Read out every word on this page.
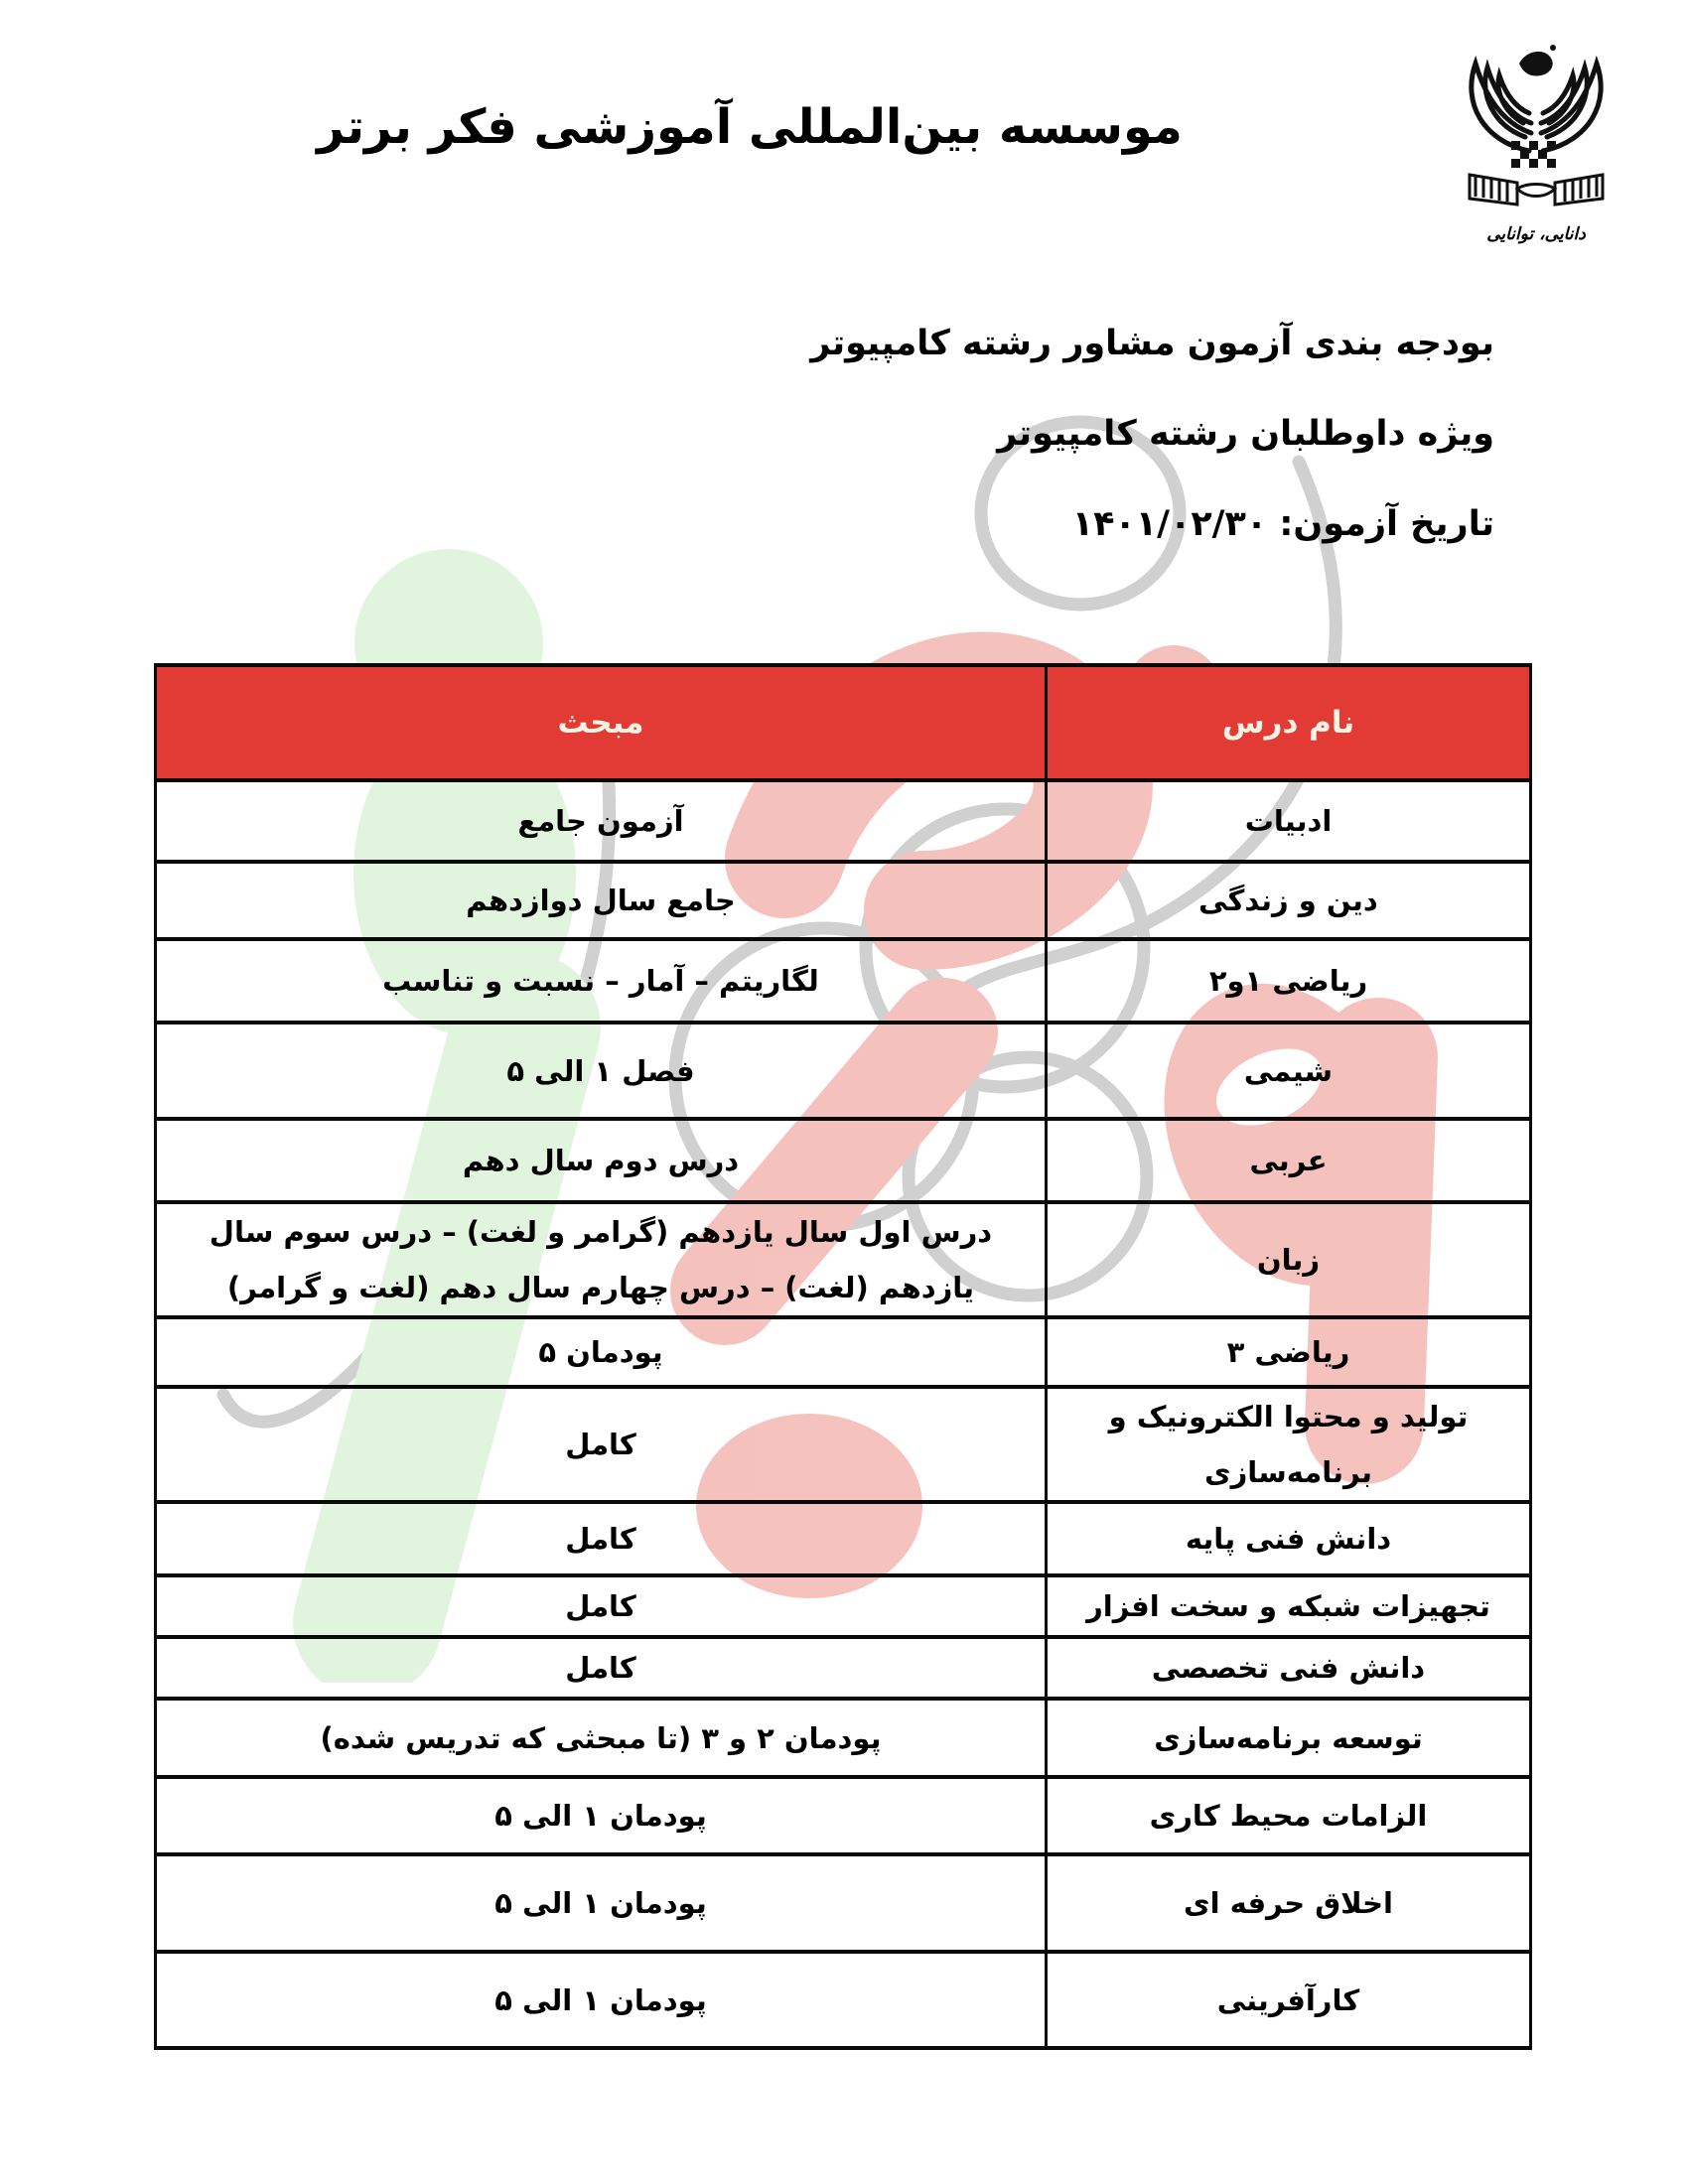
دانایی، توانایی
موسسه بین‌المللی آموزشی فکر برتر
بودجه بندی آزمون مشاور رشته کامپیوتر
ویژه داوطلبان رشته کامپیوتر
تاریخ آزمون: ۱۴۰۱/۰۲/۳۰
نام درس	مبحث
ادبیات	آزمون جامع
دین و زندگی	جامع سال دوازدهم
ریاضی ۱و۲	لگاریتم – آمار – نسبت و تناسب
شیمی	فصل ۱ الی ۵
عربی	درس دوم سال دهم
زبان	درس اول سال یازدهم (گرامر و لغت) – درس سوم سال یازدهم (لغت) – درس چهارم سال دهم (لغت و گرامر)
ریاضی ۳	پودمان ۵
تولید و محتوا الکترونیک و برنامه‌سازی	کامل
دانش فنی پایه	کامل
تجهیزات شبکه و سخت افزار	کامل
دانش فنی تخصصی	کامل
توسعه برنامه‌سازی	پودمان ۲ و ۳ (تا مبحثی که تدریس شده)
الزامات محیط کاری	پودمان ۱ الی ۵
اخلاق حرفه ای	پودمان ۱ الی ۵
کارآفرینی	پودمان ۱ الی ۵
